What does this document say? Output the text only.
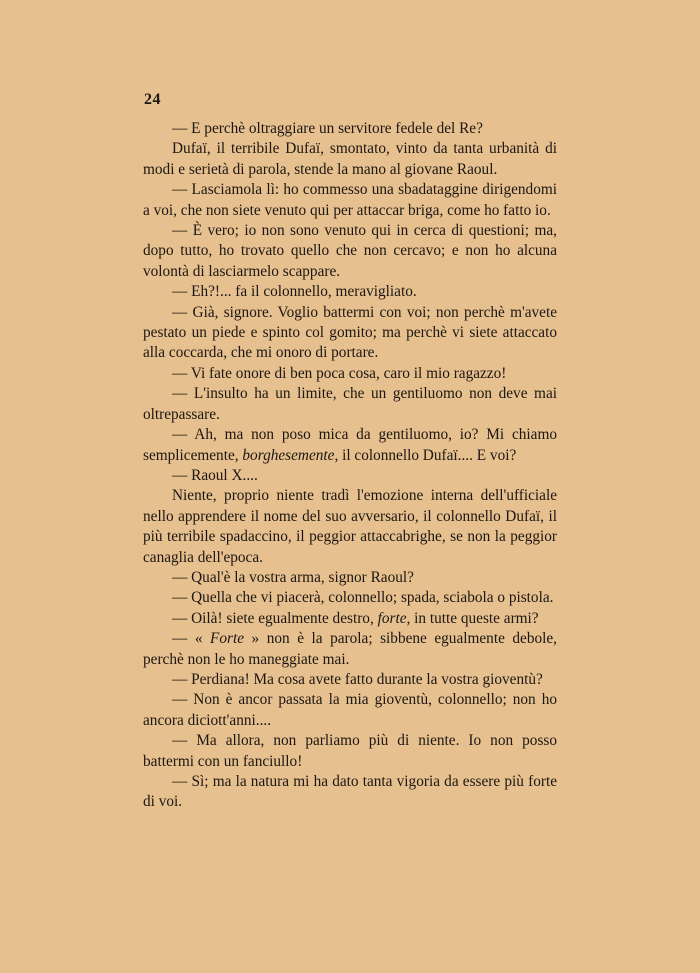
24

— E perchè oltraggiare un servitore fedele del Re?

Dufaï, il terribile Dufaï, smontato, vinto da tanta urbanità di modi e serietà di parola, stende la mano al giovane Raoul.

— Lasciamola lì: ho commesso una sbadataggine dirigendomi a voi, che non siete venuto qui per attaccar briga, come ho fatto io.

— È vero; io non sono venuto qui in cerca di questioni; ma, dopo tutto, ho trovato quello che non cercavo; e non ho alcuna volontà di lasciarmelo scappare.

— Eh?!... fa il colonnello, meravigliato.

— Già, signore. Voglio battermi con voi; non perchè m'avete pestato un piede e spinto col gomito; ma perchè vi siete attaccato alla coccarda, che mi onoro di portare.

— Vi fate onore di ben poca cosa, caro il mio ragazzo!

— L'insulto ha un limite, che un gentiluomo non deve mai oltrepassare.

— Ah, ma non poso mica da gentiluomo, io? Mi chiamo semplicemente, borghesemente, il colonnello Dufaï.... E voi?

— Raoul X....

Niente, proprio niente tradì l'emozione interna dell'ufficiale nello apprendere il nome del suo avversario, il colonnello Dufaï, il più terribile spadaccino, il peggior attaccabrighe, se non la peggior canaglia dell'epoca.

— Qual'è la vostra arma, signor Raoul?

— Quella che vi piacerà, colonnello; spada, sciabola o pistola.

— Oilà! siete egualmente destro, forte, in tutte queste armi?

— « Forte » non è la parola; sibbene egualmente debole, perchè non le ho maneggiate mai.

— Perdiana! Ma cosa avete fatto durante la vostra gioventù?

— Non è ancor passata la mia gioventù, colonnello; non ho ancora diciott'anni....

— Ma allora, non parliamo più di niente. Io non posso battermi con un fanciullo!

— Sì; ma la natura mi ha dato tanta vigoria da essere più forte di voi.
